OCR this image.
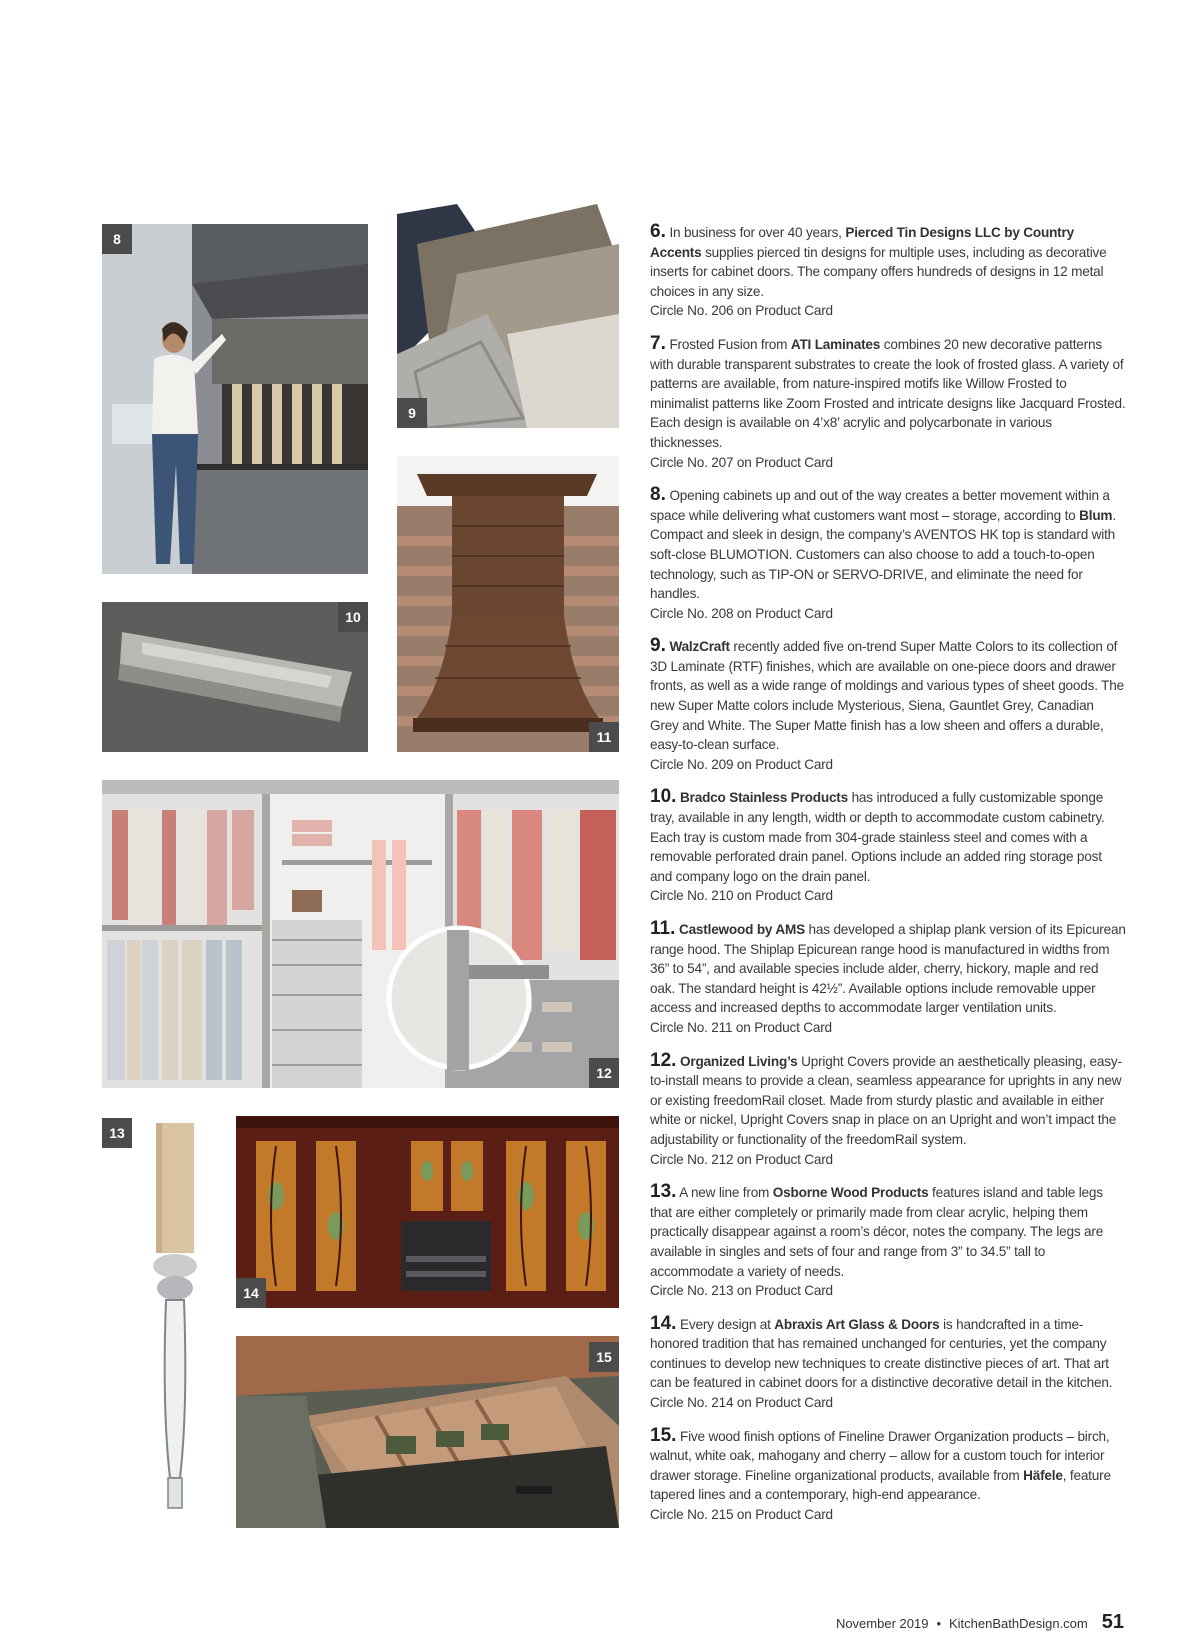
8
9
10
11
12
13
14
15
6. In business for over 40 years, Pierced Tin Designs LLC by Country Accents supplies pierced tin designs for multiple uses, including as decorative inserts for cabinet doors. The company offers hundreds of designs in 12 metal choices in any size.
Circle No. 206 on Product Card
7. Frosted Fusion from ATI Laminates combines 20 new decorative patterns with durable transparent substrates to create the look of frosted glass. A variety of patterns are available, from nature-inspired motifs like Willow Frosted to minimalist patterns like Zoom Frosted and intricate designs like Jacquard Frosted. Each design is available on 4’x8’ acrylic and polycarbonate in various thicknesses.
Circle No. 207 on Product Card
8. Opening cabinets up and out of the way creates a better movement within a space while delivering what customers want most – storage, according to Blum. Compact and sleek in design, the company’s AVENTOS HK top is standard with soft-close BLUMOTION. Customers can also choose to add a touch-to-open technology, such as TIP-ON or SERVO-DRIVE, and eliminate the need for handles.
Circle No. 208 on Product Card
9. WalzCraft recently added five on-trend Super Matte Colors to its collection of 3D Laminate (RTF) finishes, which are available on one-piece doors and drawer fronts, as well as a wide range of moldings and various types of sheet goods. The new Super Matte colors include Mysterious, Siena, Gauntlet Grey, Canadian Grey and White. The Super Matte finish has a low sheen and offers a durable, easy-to-clean surface.
Circle No. 209 on Product Card
10. Bradco Stainless Products has introduced a fully customizable sponge tray, available in any length, width or depth to accommodate custom cabinetry. Each tray is custom made from 304-grade stainless steel and comes with a removable perforated drain panel. Options include an added ring storage post and company logo on the drain panel.
Circle No. 210 on Product Card
11. Castlewood by AMS has developed a shiplap plank version of its Epicurean range hood. The Shiplap Epicurean range hood is manufactured in widths from 36” to 54”, and available species include alder, cherry, hickory, maple and red oak. The standard height is 42½”. Available options include removable upper access and increased depths to accommodate larger ventilation units.
Circle No. 211 on Product Card
12. Organized Living’s Upright Covers provide an aesthetically pleasing, easy-to-install means to provide a clean, seamless appearance for uprights in any new or existing freedomRail closet. Made from sturdy plastic and available in either white or nickel, Upright Covers snap in place on an Upright and won’t impact the adjustability or functionality of the freedomRail system.
Circle No. 212 on Product Card
13. A new line from Osborne Wood Products features island and table legs that are either completely or primarily made from clear acrylic, helping them practically disappear against a room’s décor, notes the company. The legs are available in singles and sets of four and range from 3” to 34.5” tall to accommodate a variety of needs.
Circle No. 213 on Product Card
14. Every design at Abraxis Art Glass & Doors is handcrafted in a time-honored tradition that has remained unchanged for centuries, yet the company continues to develop new techniques to create distinctive pieces of art. That art can be featured in cabinet doors for a distinctive decorative detail in the kitchen.
Circle No. 214 on Product Card
15. Five wood finish options of Fineline Drawer Organization products – birch, walnut, white oak, mahogany and cherry – allow for a custom touch for interior drawer storage. Fineline organizational products, available from Häfele, feature tapered lines and a contemporary, high-end appearance.
Circle No. 215 on Product Card
November 2019 • KitchenBathDesign.com 51
